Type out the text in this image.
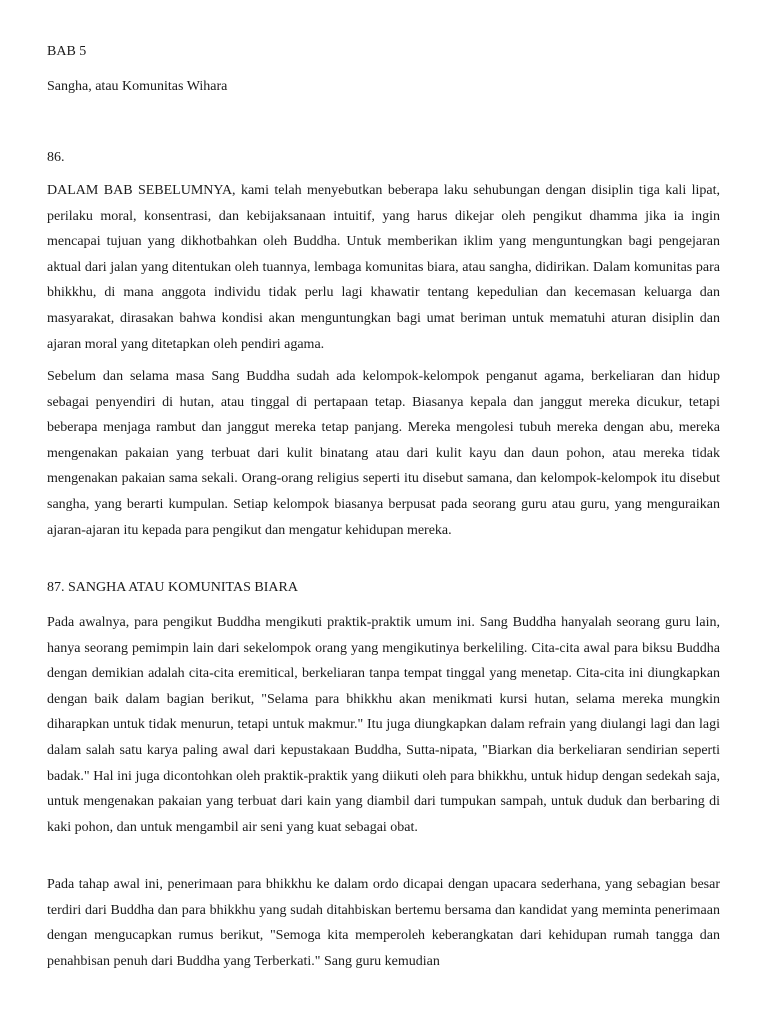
BAB 5
Sangha, atau Komunitas Wihara
86.

DALAM BAB SEBELUMNYA, kami telah menyebutkan beberapa laku sehubungan dengan disiplin tiga kali lipat, perilaku moral, konsentrasi, dan kebijaksanaan intuitif, yang harus dikejar oleh pengikut dhamma jika ia ingin mencapai tujuan yang dikhotbahkan oleh Buddha. Untuk memberikan iklim yang menguntungkan bagi pengejaran aktual dari jalan yang ditentukan oleh tuannya, lembaga komunitas biara, atau sangha, didirikan. Dalam komunitas para bhikkhu, di mana anggota individu tidak perlu lagi khawatir tentang kepedulian dan kecemasan keluarga dan masyarakat, dirasakan bahwa kondisi akan menguntungkan bagi umat beriman untuk mematuhi aturan disiplin dan ajaran moral yang ditetapkan oleh pendiri agama.

Sebelum dan selama masa Sang Buddha sudah ada kelompok-kelompok penganut agama, berkeliaran dan hidup sebagai penyendiri di hutan, atau tinggal di pertapaan tetap. Biasanya kepala dan janggut mereka dicukur, tetapi beberapa menjaga rambut dan janggut mereka tetap panjang. Mereka mengolesi tubuh mereka dengan abu, mereka mengenakan pakaian yang terbuat dari kulit binatang atau dari kulit kayu dan daun pohon, atau mereka tidak mengenakan pakaian sama sekali. Orang-orang religius seperti itu disebut samana, dan kelompok-kelompok itu disebut sangha, yang berarti kumpulan. Setiap kelompok biasanya berpusat pada seorang guru atau guru, yang menguraikan ajaran-ajaran itu kepada para pengikut dan mengatur kehidupan mereka.

87. SANGHA ATAU KOMUNITAS BIARA

Pada awalnya, para pengikut Buddha mengikuti praktik-praktik umum ini. Sang Buddha hanyalah seorang guru lain, hanya seorang pemimpin lain dari sekelompok orang yang mengikutinya berkeliling. Cita-cita awal para biksu Buddha dengan demikian adalah cita-cita eremitical, berkeliaran tanpa tempat tinggal yang menetap. Cita-cita ini diungkapkan dengan baik dalam bagian berikut, "Selama para bhikkhu akan menikmati kursi hutan, selama mereka mungkin diharapkan untuk tidak menurun, tetapi untuk makmur." Itu juga diungkapkan dalam refrain yang diulangi lagi dan lagi dalam salah satu karya paling awal dari kepustakaan Buddha, Sutta-nipata, "Biarkan dia berkeliaran sendirian seperti badak." Hal ini juga dicontohkan oleh praktik-praktik yang diikuti oleh para bhikkhu, untuk hidup dengan sedekah saja, untuk mengenakan pakaian yang terbuat dari kain yang diambil dari tumpukan sampah, untuk duduk dan berbaring di kaki pohon, dan untuk mengambil air seni yang kuat sebagai obat.

Pada tahap awal ini, penerimaan para bhikkhu ke dalam ordo dicapai dengan upacara sederhana, yang sebagian besar terdiri dari Buddha dan para bhikkhu yang sudah ditahbiskan bertemu bersama dan kandidat yang meminta penerimaan dengan mengucapkan rumus berikut, "Semoga kita memperoleh keberangkatan dari kehidupan rumah tangga dan penahbisan penuh dari Buddha yang Terberkati." Sang guru kemudian
